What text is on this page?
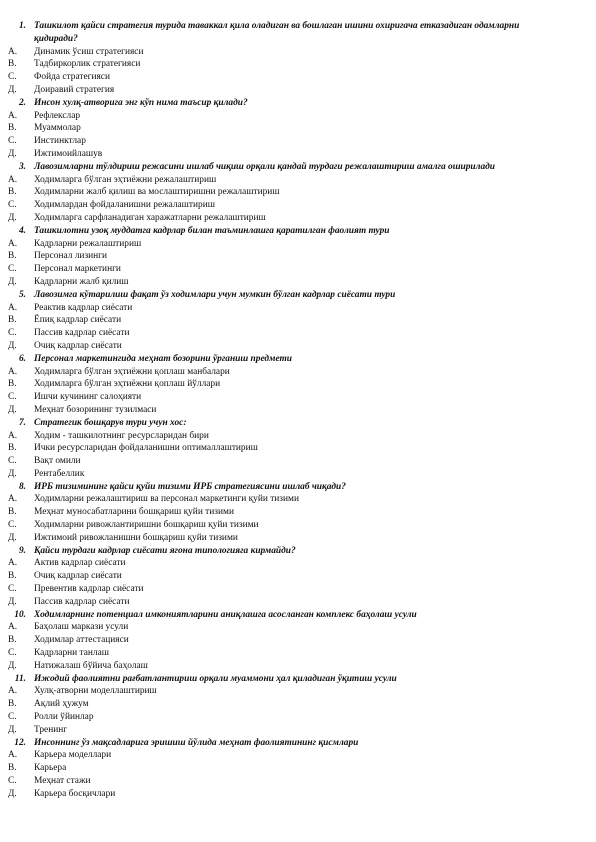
1. Ташкилот қайси стратегия турида таваккал қила оладиган ва бошлаган ишини охиригача етказадиган одамларни қидиради?
A.	Динамик ўсиш стратегияси
B.	Тадбиркорлик стратегияси
C.	Фойда стратегияси
Д.	Доиравий стратегия
2. Инсон хулқ-атворига энг кўп нима таъсир қилади?
A.	Рефлекслар
B.	Муаммолар
C.	Инстинктлар
Д.	Ижтимоийлашув
3. Лавозимларни тўлдириш режасини ишлаб чиқиш орқали қандай турдаги режалаштириш амалга оширилади
A.	Ходимларга бўлган эҳтиёжни режалаштириш
B.	Ходимларни жалб қилиш ва мослаштиришни режалаштириш
C.	Ходимлардан фойдаланишни режалаштириш
Д.	Ходимларга сарфланадиган харажатларни режалаштириш
4. Ташкилотни узоқ муддатга кадрлар билан таъминлашга қаратилган фаолият тури
A.	Кадрларни режалаштириш
B.	Персонал лизинги
C.	Персонал маркетинги
Д.	Кадрларни жалб қилиш
5. Лавозимга кўтарилиш фақат ўз ходимлари учун мумкин бўлган кадрлар сиёсати тури
A.	Реактив кадрлар сиёсати
B.	Ёпиқ кадрлар сиёсати
C.	Пассив кадрлар сиёсати
Д.	Очиқ кадрлар сиёсати
6. Персонал маркетингида меҳнат бозорини ўрганиш предмети
A.	Ходимларга бўлган эҳтиёжни қоплаш манбалари
B.	Ходимларга бўлган эҳтиёжни қоплаш йўллари
C.	Ишчи кучининг салоҳияти
Д.	Меҳнат бозорининг тузилмаси
7. Стратегик бошқарув тури учун хос:
A.	Ходим - ташкилотнинг ресурсларидан бири
B.	Ички ресурсларидан фойдаланишни оптималлаштириш
C.	Вақт омили
Д.	Рентабеллик
8. ИРБ тизимининг қайси қуйи тизими ИРБ стратегиясини ишлаб чиқади?
A.	Ходимларни режалаштириш ва персонал маркетинги қуйи тизими
B.	Меҳнат муносабатларини бошқариш қуйи тизими
C.	Ходимларни ривожлантиришни бошқариш қуйи тизими
Д.	Ижтимоий ривожланишни бошқариш қуйи тизими
9. Қайси турдаги кадрлар сиёсати ягона типологияга кирмайди?
A.	Актив кадрлар сиёсати
B.	Очиқ кадрлар сиёсати
C.	Превентив кадрлар сиёсати
Д.	Пассив кадрлар сиёсати
10. Ходимларнинг потенциал имкониятларини аниқлашга асосланган комплекс баҳолаш усули
A.	Баҳолаш маркази усули
B.	Ходимлар аттестацияси
C.	Кадрларни танлаш
Д.	Натижалаш бўйича баҳолаш
11. Ижодий фаолиятни рағбатлантириш орқали муаммони ҳал қиладиган ўқитиш усули
A.	Хулқ-атворни моделлаштириш
B.	Ақлий ҳужум
C.	Ролли ўйинлар
Д.	Тренинг
12. Инсоннинг ўз мақсадларига эришиш йўлида меҳнат фаолиятининг қисмлари
A.	Карьера моделлари
B.	Карьера
C.	Меҳнат стажи
Д.	Карьера босқичлари
